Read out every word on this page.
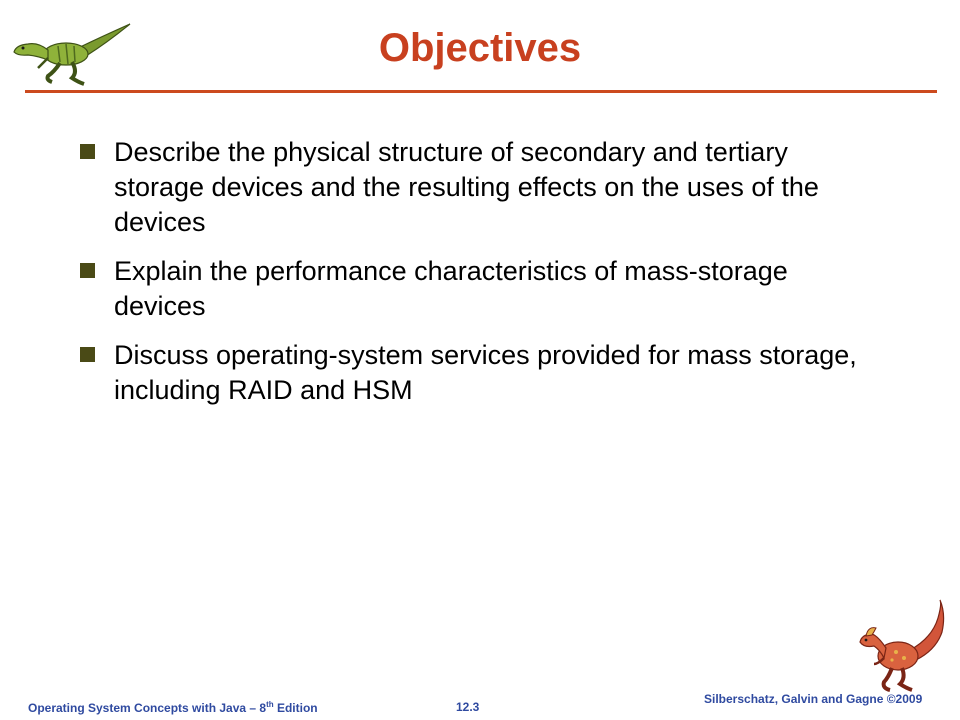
Objectives
Describe the physical structure of secondary and tertiary storage devices and the resulting effects on the uses of the devices
Explain the performance characteristics of mass-storage devices
Discuss operating-system services provided for mass storage, including RAID and HSM
Operating System Concepts with Java – 8th Edition	12.3
Silberschatz, Galvin and Gagne ©2009
